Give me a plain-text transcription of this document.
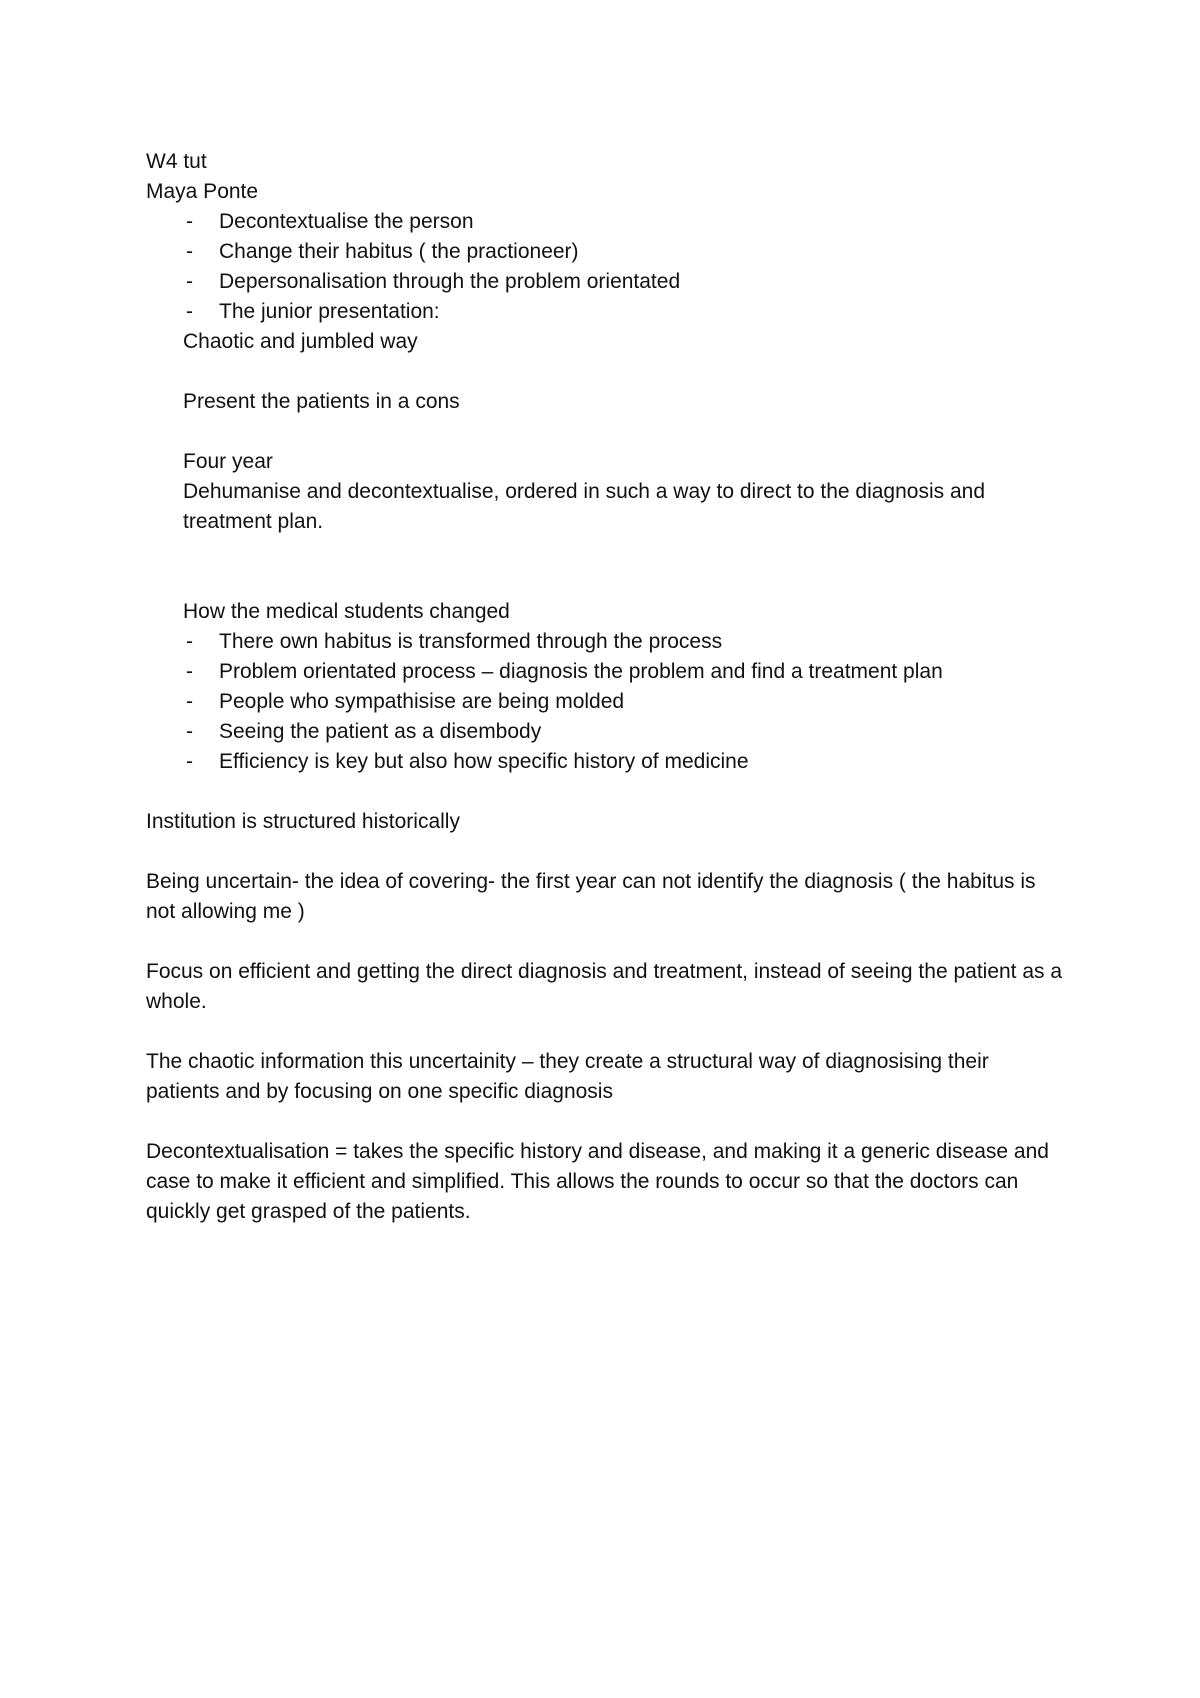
W4 tut

Maya Ponte

- Decontextualise the person
- Change their habitus ( the practioneer)
- Depersonalisation through the problem orientated
- The junior presentation:

Chaotic and jumbled way

Present the patients in a cons

Four year

Dehumanise and decontextualise, ordered in such a way to direct to the diagnosis and treatment plan.

How the medical students changed

- There own habitus is transformed through the process
- Problem orientated process – diagnosis the problem and find a treatment plan
- People who sympathisise are being molded
- Seeing the patient as a disembody
- Efficiency is key but also how specific history of medicine

Institution is structured historically

Being uncertain- the idea of covering- the first year can not identify the diagnosis ( the habitus is not allowing me )

Focus on efficient and getting the direct diagnosis and treatment, instead of seeing the patient as a whole.

The chaotic information this uncertainity – they create a structural way of diagnosising their patients and by focusing on one specific diagnosis

Decontextualisation = takes the specific history and disease, and making it a generic disease and case to make it efficient and simplified. This allows the rounds to occur so that the doctors can quickly get grasped of the patients.
